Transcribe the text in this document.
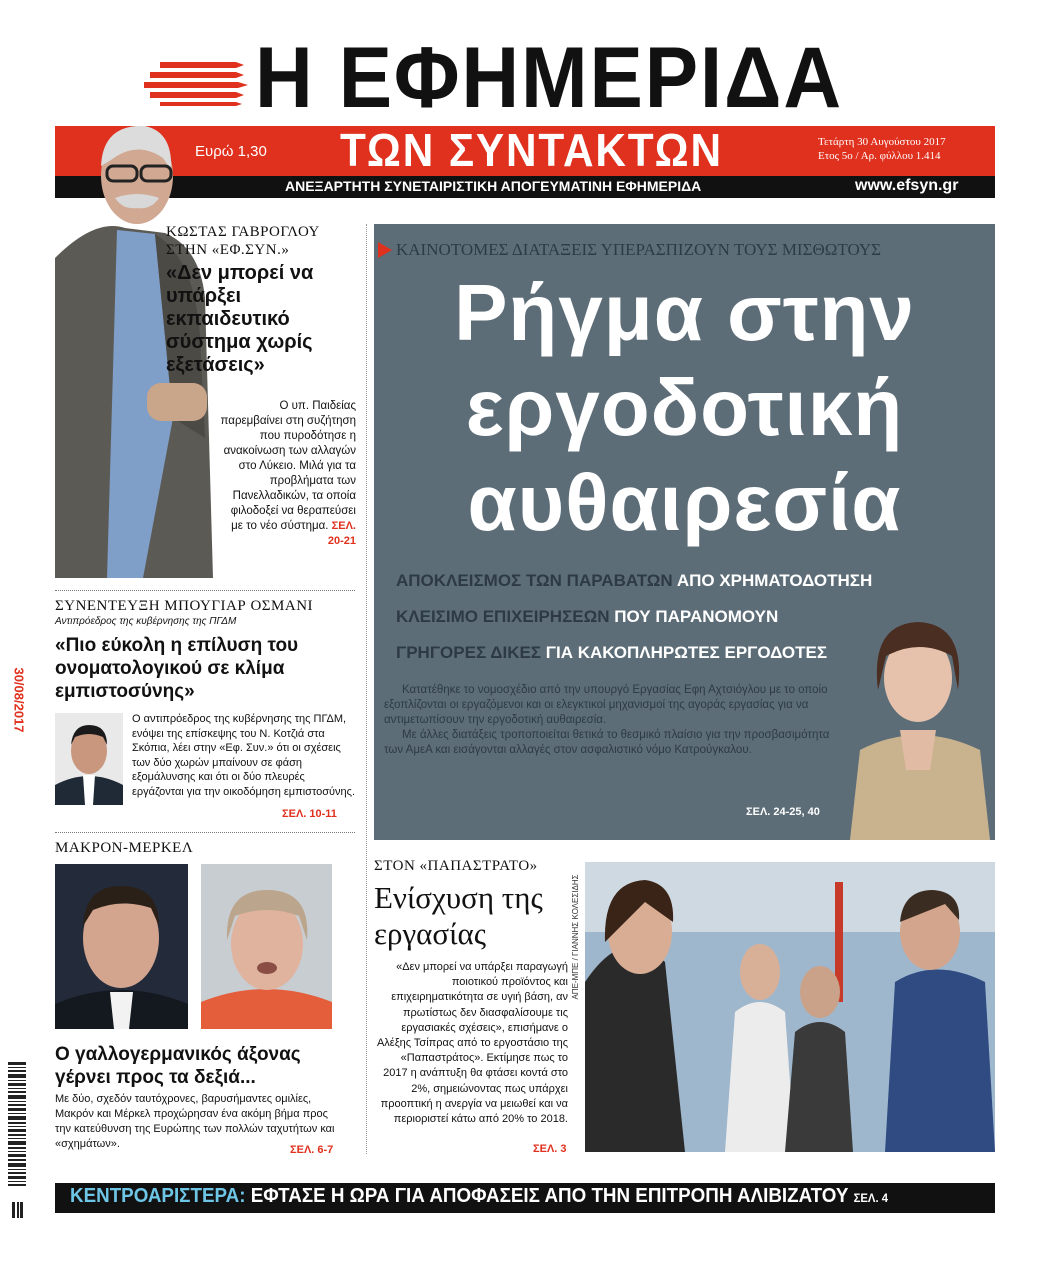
Η ΕΦΗΜΕΡΙΔΑ
Ευρώ 1,30 ΤΩΝ ΣΥΝΤΑΚΤΩΝ	Τετάρτη 30 Αυγούστου 2017
Ετος 5ο / Αρ. φύλλου 1.414
ΑΝΕΞΑΡΤΗΤΗ ΣΥΝΕΤΑΙΡΙΣΤΙΚΗ ΑΠΟΓΕΥΜΑΤΙΝΗ ΕΦΗΜΕΡΙΔΑ	www.efsyn.gr
30/08/2017
ΚΩΣΤΑΣ ΓΑΒΡΟΓΛΟΥ
ΣΤΗΝ «ΕΦ.ΣΥΝ.»
«Δεν μπορεί να υπάρξει εκπαιδευτικό σύστημα χωρίς εξετάσεις»
Ο υπ. Παιδείας παρεμβαίνει στη συζήτηση που πυροδότησε η ανακοίνωση των αλλαγών στο Λύκειο. Μιλά για τα προβλήματα των Πανελλαδικών, τα οποία φιλοδοξεί να θεραπεύσει με το νέο σύστημα. ΣΕΛ. 20-21
ΣΥΝΕΝΤΕΥΞΗ ΜΠΟΥΓΙΑΡ ΟΣΜΑΝΙ
Αντιπρόεδρος της κυβέρνησης της ΠΓΔΜ
«Πιο εύκολη η επίλυση του ονοματολογικού σε κλίμα εμπιστοσύνης»
Ο αντιπρόεδρος της κυβέρνησης της ΠΓΔΜ, ενόψει της επίσκεψης του Ν. Κοτζιά στα Σκόπια, λέει στην «Εφ. Συν.» ότι οι σχέσεις των δύο χωρών μπαίνουν σε φάση εξομάλυνσης και ότι οι δύο πλευρές εργάζονται για την οικοδόμηση εμπιστοσύνης.
ΣΕΛ. 10-11
ΜΑΚΡΟΝ-ΜΕΡΚΕΛ
Ο γαλλογερμανικός άξονας γέρνει προς τα δεξιά...
Με δύο, σχεδόν ταυτόχρονες, βαρυσήμαντες ομιλίες, Μακρόν και Μέρκελ προχώρησαν ένα ακόμη βήμα προς την κατεύθυνση της Ευρώπης των πολλών ταχυτήτων και «σχημάτων».	ΣΕΛ. 6-7
ΚΑΙΝΟΤΟΜΕΣ ΔΙΑΤΑΞΕΙΣ ΥΠΕΡΑΣΠΙΖΟΥΝ ΤΟΥΣ ΜΙΣΘΩΤΟΥΣ
Ρήγμα στην
εργοδοτική
αυθαιρεσία
ΑΠΟΚΛΕΙΣΜΟΣ ΤΩΝ ΠΑΡΑΒΑΤΩΝ ΑΠΟ ΧΡΗΜΑΤΟΔΟΤΗΣΗ
ΚΛΕΙΣΙΜΟ ΕΠΙΧΕΙΡΗΣΕΩΝ ΠΟΥ ΠΑΡΑΝΟΜΟΥΝ
ΓΡΗΓΟΡΕΣ ΔΙΚΕΣ ΓΙΑ ΚΑΚΟΠΛΗΡΩΤΕΣ ΕΡΓΟΔΟΤΕΣ
Κατατέθηκε το νομοσχέδιο από την υπουργό Εργασίας Εφη Αχτσιόγλου με το οποίο εξοπλίζονται οι εργαζόμενοι και οι ελεγκτικοί μηχανισμοί της αγοράς εργασίας για να αντιμετωπίσουν την εργοδοτική αυθαιρεσία.
Με άλλες διατάξεις τροποποιείται θετικά το θεσμικό πλαίσιο για την προσβασιμότητα των ΑμεΑ και εισάγονται αλλαγές στον ασφαλιστικό νόμο Κατρούγκαλου.
ΣΕΛ. 24-25, 40
ΣΤΟΝ «ΠΑΠΑΣΤΡΑΤΟ»
Ενίσχυση της εργασίας
«Δεν μπορεί να υπάρξει παραγωγή ποιοτικού προϊόντος και επιχειρηματικότητα σε υγιή βάση, αν πρωτίστως δεν διασφαλίσουμε τις εργασιακές σχέσεις», επισήμανε ο Αλέξης Τσίπρας από το εργοστάσιο της «Παπαστράτος». Εκτίμησε πως το 2017 η ανάπτυξη θα φτάσει κοντά στο 2%, σημειώνοντας πως υπάρχει προοπτική η ανεργία να μειωθεί και να περιοριστεί κάτω από 20% το 2018.
ΣΕΛ. 3
ΑΠΕ-ΜΠΕ / ΓΙΑΝΝΗΣ ΚΟΛΕΣΙΔΗΣ
ΚΕΝΤΡΟΑΡΙΣΤΕΡΑ: ΕΦΤΑΣΕ Η ΩΡΑ ΓΙΑ ΑΠΟΦΑΣΕΙΣ ΑΠΟ ΤΗΝ ΕΠΙΤΡΟΠΗ ΑΛΙΒΙΖΑΤΟΥ ΣΕΛ. 4
